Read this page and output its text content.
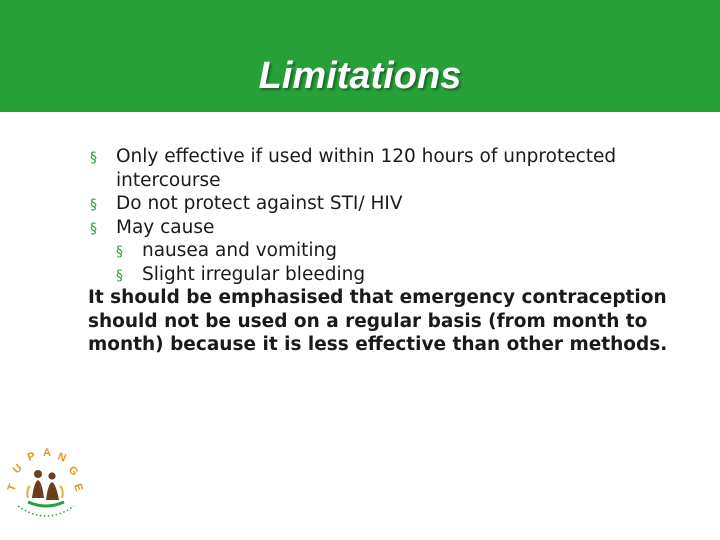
Limitations
§ Only effective if used within 120 hours of unprotected intercourse
§ Do not protect against STI/ HIV
§ May cause
§ nausea and vomiting
§ Slight irregular bleeding

It should be emphasised that emergency contraception should not be used on a regular basis (from month to month) because it is less effective than other methods.

T
U
P A N
G
E
